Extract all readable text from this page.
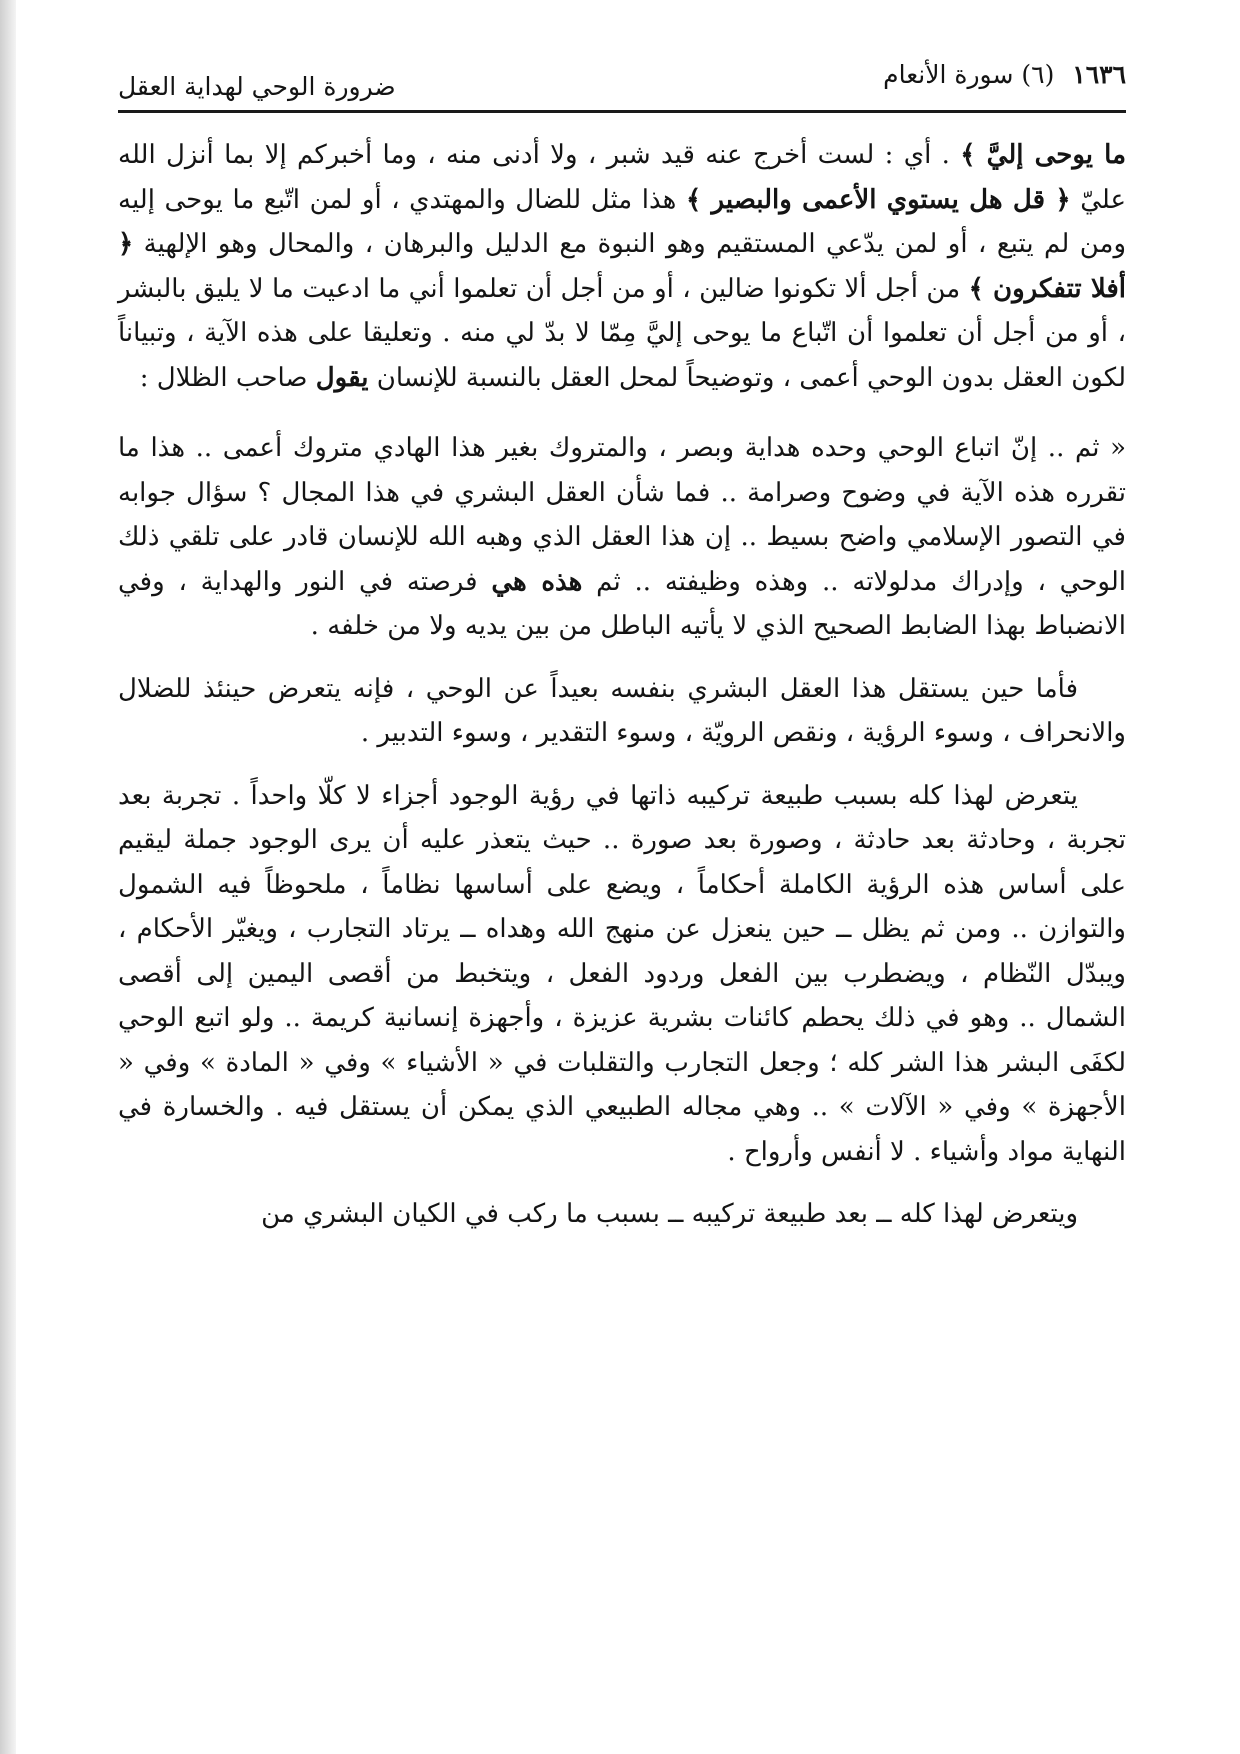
١٦٣٦ (٦) سورة الأنعام
ضرورة الوحي لهداية العقل

ما يوحى إليَّ ﴾ . أي : لست أخرج عنه قيد شبر ، ولا أدنى منه ، وما أخبركم إلا بما أنزل الله عليّ ﴿ قل هل يستوي الأعمى والبصير ﴾ هذا مثل للضال والمهتدي ، أو لمن اتّبع ما يوحى إليه ومن لم يتبع ، أو لمن يدّعي المستقيم وهو النبوة مع الدليل والبرهان ، والمحال وهو الإلهية ﴿ أفلا تتفكرون ﴾ من أجل ألا تكونوا ضالين ، أو من أجل أن تعلموا أني ما ادعيت ما لا يليق بالبشر ، أو من أجل أن تعلموا أن اتّباع ما يوحى إليَّ مِمّا لا بدّ لي منه . وتعليقا على هذه الآية ، وتبياناً لكون العقل بدون الوحي أعمى ، وتوضيحاً لمحل العقل بالنسبة للإنسان يقول صاحب الظلال :

« ثم .. إنّ اتباع الوحي وحده هداية وبصر ، والمتروك بغير هذا الهادي متروك أعمى .. هذا ما تقرره هذه الآية في وضوح وصرامة .. فما شأن العقل البشري في هذا المجال ؟ سؤال جوابه في التصور الإسلامي واضح بسيط .. إن هذا العقل الذي وهبه الله للإنسان قادر على تلقي ذلك الوحي ، وإدراك مدلولاته .. وهذه وظيفته .. ثم هذه هي فرصته في النور والهداية ، وفي الانضباط بهذا الضابط الصحيح الذي لا يأتيه الباطل من بين يديه ولا من خلفه .

فأما حين يستقل هذا العقل البشري بنفسه بعيداً عن الوحي ، فإنه يتعرض حينئذ للضلال والانحراف ، وسوء الرؤية ، ونقص الرويّة ، وسوء التقدير ، وسوء التدبير .

يتعرض لهذا كله بسبب طبيعة تركيبه ذاتها في رؤية الوجود أجزاء لا كلّا واحداً . تجربة بعد تجربة ، وحادثة بعد حادثة ، وصورة بعد صورة .. حيث يتعذر عليه أن يرى الوجود جملة ليقيم على أساس هذه الرؤية الكاملة أحكاماً ، ويضع على أساسها نظاماً ، ملحوظاً فيه الشمول والتوازن .. ومن ثم يظل ــ حين ينعزل عن منهج الله وهداه ــ يرتاد التجارب ، ويغيّر الأحكام ، ويبدّل النّظام ، ويضطرب بين الفعل وردود الفعل ، ويتخبط من أقصى اليمين إلى أقصى الشمال .. وهو في ذلك يحطم كائنات بشرية عزيزة ، وأجهزة إنسانية كريمة .. ولو اتبع الوحي لكفَى البشر هذا الشر كله ؛ وجعل التجارب والتقلبات في « الأشياء » وفي « المادة » وفي « الأجهزة » وفي « الآلات » .. وهي مجاله الطبيعي الذي يمكن أن يستقل فيه . والخسارة في النهاية مواد وأشياء . لا أنفس وأرواح .

ويتعرض لهذا كله ــ بعد طبيعة تركيبه ــ بسبب ما ركب في الكيان البشري من
